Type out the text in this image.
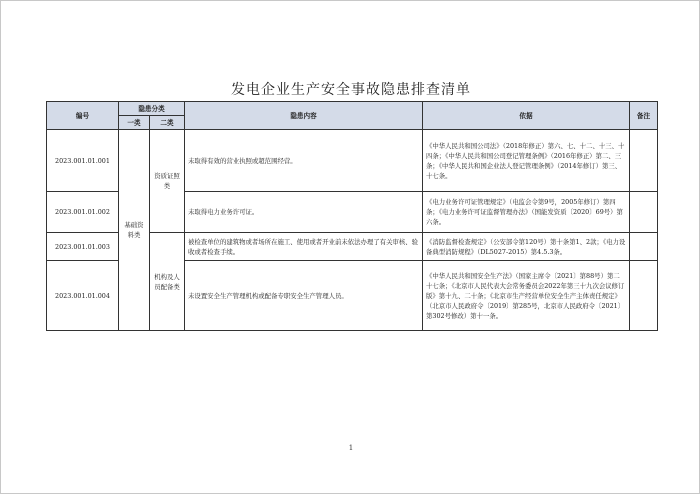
发电企业生产安全事故隐患排查清单
编号	隐患分类		隐患内容	依据	备注
	一类	二类			
2023.001.01.001	基础资料类	资质证照类	未取得有效的营业执照或超范围经营。	《中华人民共和国公司法》（2018年修正）第六、七、十二、十三、十四条；《中华人民共和国公司登记管理条例》（2016年修正）第二、三条；《中华人民共和国企业法人登记管理条例》（2014年修订）第三、十七条。	
2023.001.01.002			未取得电力业务许可证。	《电力业务许可证管理规定》（电监会令第9号，2005年修订）第四条；《电力业务许可证监督管理办法》（国能发资质〔2020〕69号）第六条。	
2023.001.01.003		机构及人员配备类	被检查单位的建筑物或者场所在施工、使用或者开业前未依法办理了有关审核、验收或者检查手续。	《消防监督检查规定》（公安部令第120号）第十条第1、2款；《电力设备典型消防规程》（DL5027-2015）第4.5.3条。	
2023.001.01.004			未设置安全生产管理机构或配备专职安全生产管理人员。	《中华人民共和国安全生产法》（国家主席令〔2021〕第88号）第二十七条；《北京市人民代表大会常务委员会2022年第三十九次会议修订版》第十九、二十条；《北京市生产经营单位安全生产主体责任规定》（北京市人民政府令〔2019〕第285号，北京市人民政府令〔2021〕第302号修改）第十一条。	
1
